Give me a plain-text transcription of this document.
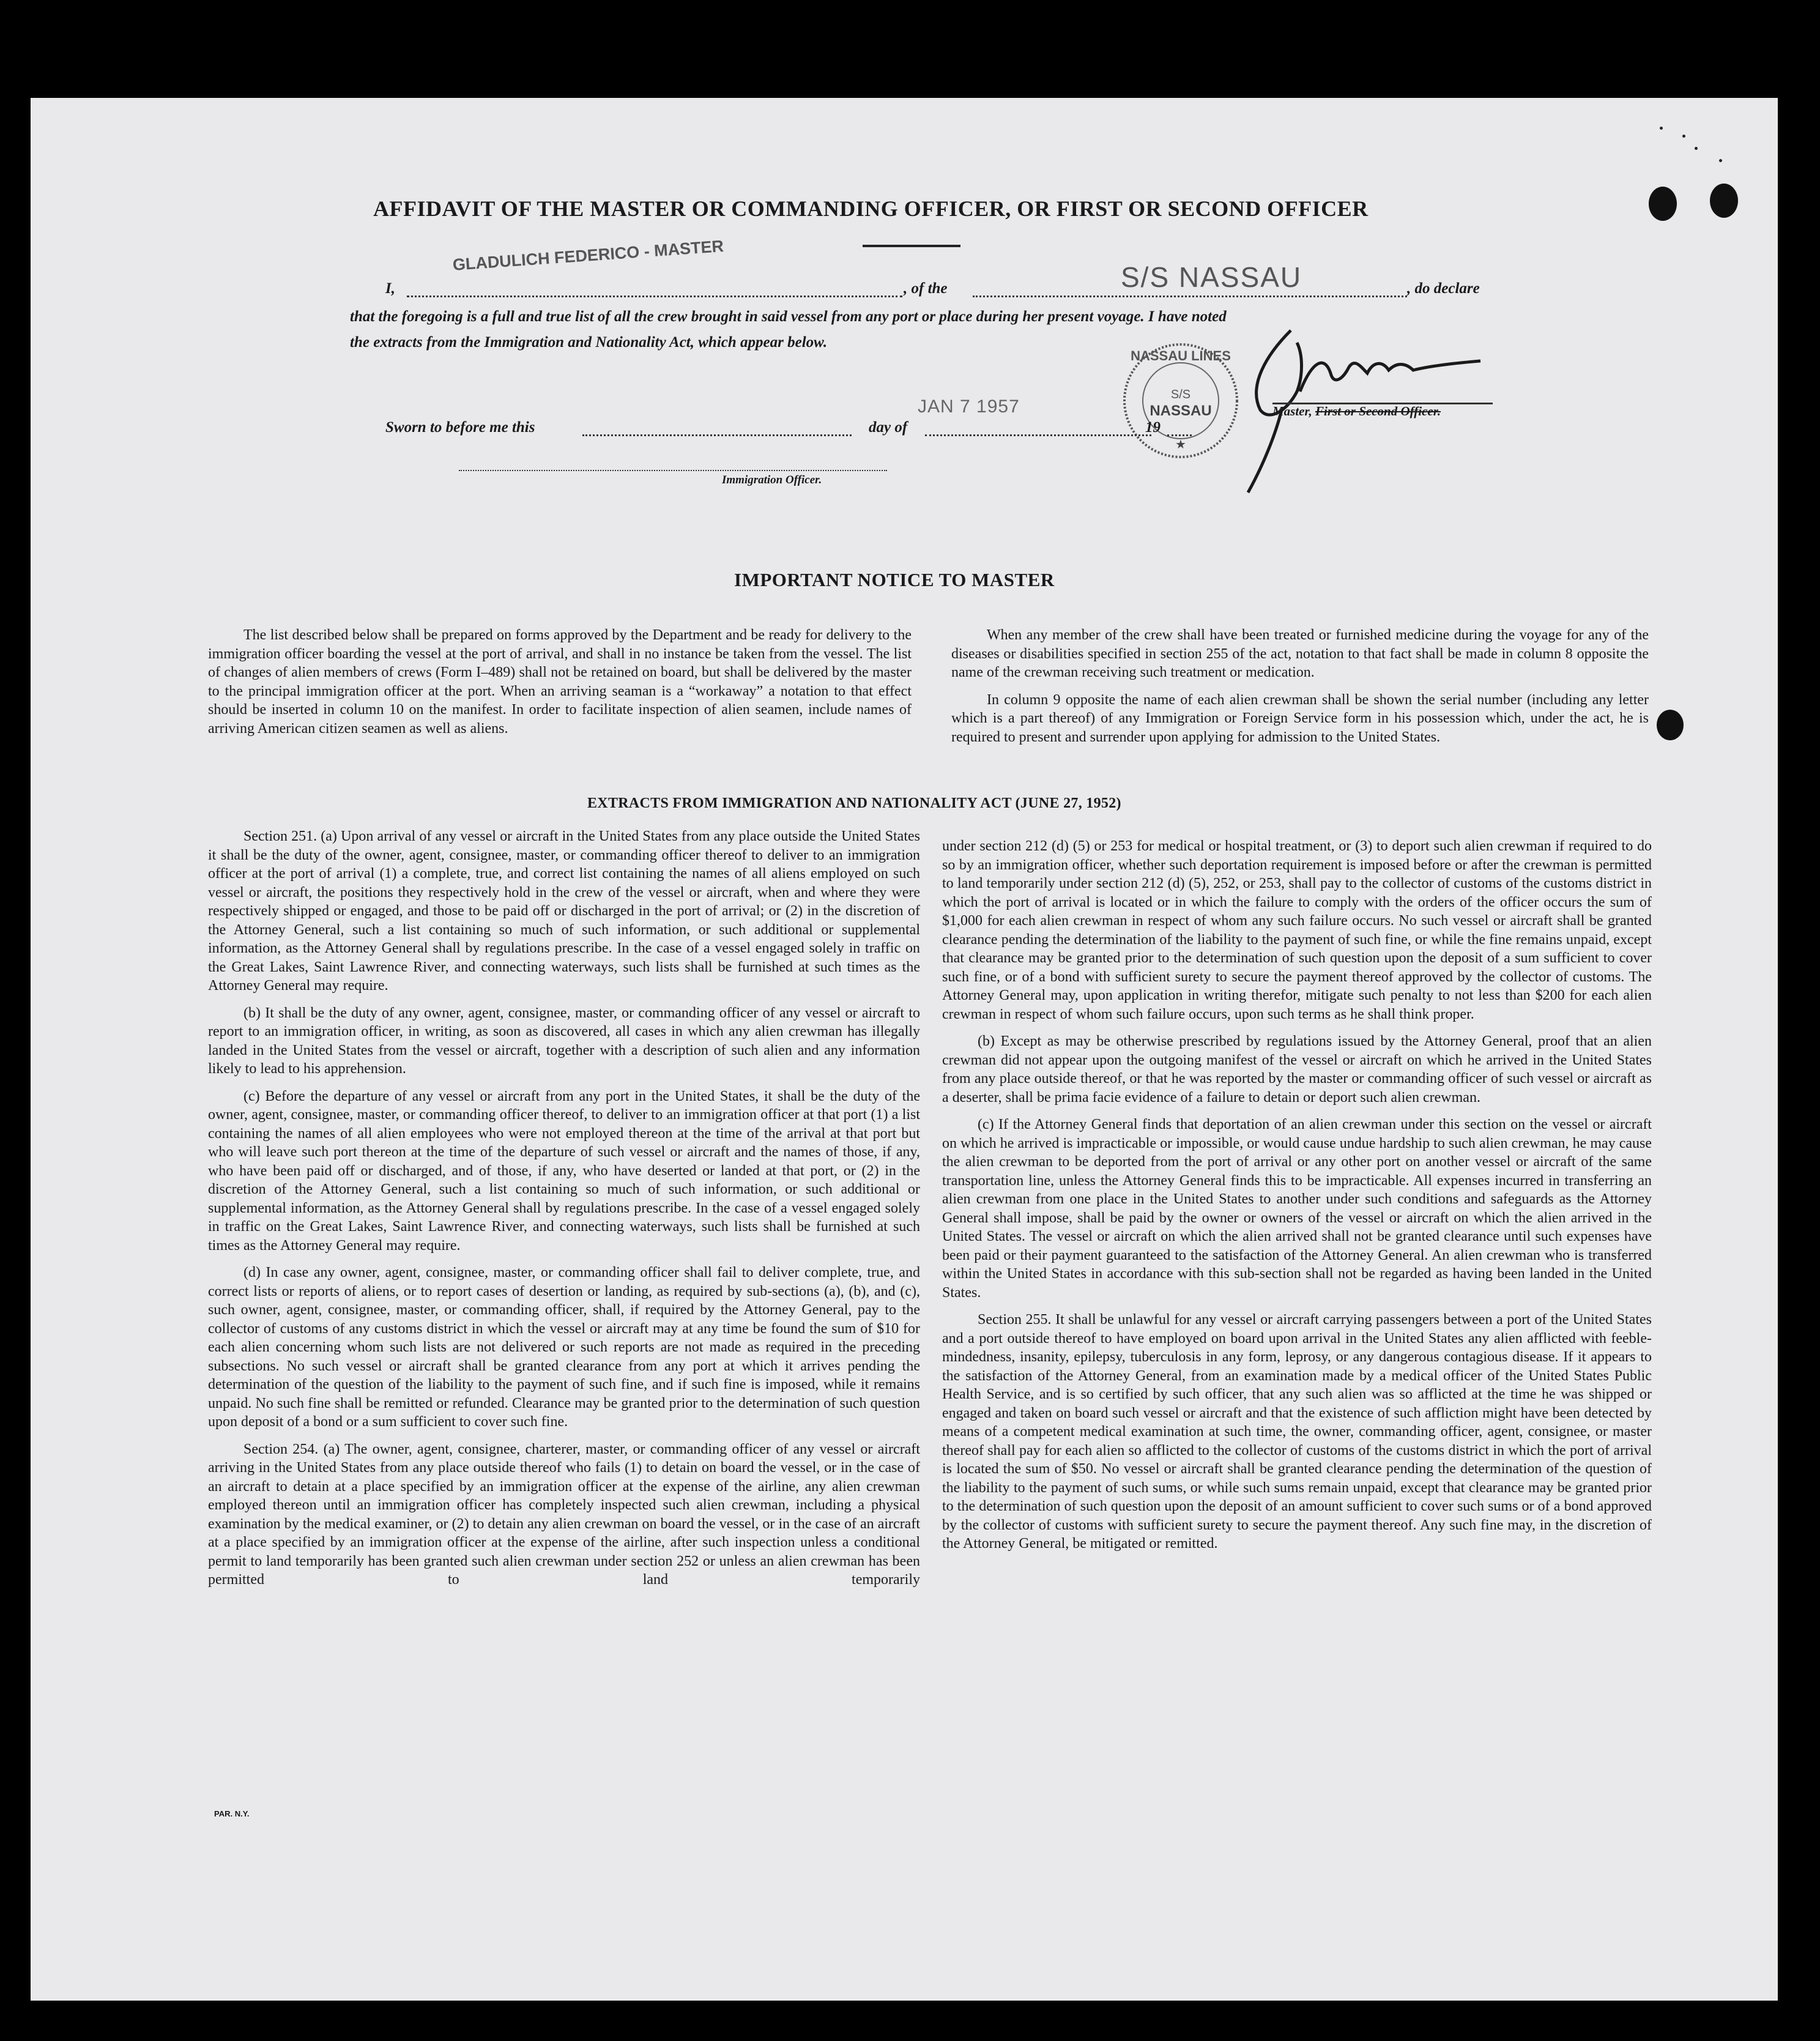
AFFIDAVIT OF THE MASTER OR COMMANDING OFFICER, OR FIRST OR SECOND OFFICER
I,
GLADULICH FEDERICO - MASTER
, of the	S/S NASSAU	, do declare
that the foregoing is a full and true list of all the crew brought in said vessel from any port or place during her present voyage. I have noted
the extracts from the Immigration and Nationality Act, which appear below.
NASSAU LINES
S/S
NASSAU
★
Master, First or Second Officer.
Sworn to before me this	day of
JAN 7 1957
19
Immigration Officer.
IMPORTANT NOTICE TO MASTER

The list described below shall be prepared on forms approved by the Department and be ready for delivery to the immigration officer boarding the vessel at the port of arrival, and shall in no instance be taken from the vessel. The list of changes of alien members of crews (Form I–489) shall not be retained on board, but shall be delivered by the master to the principal immigration officer at the port. When an arriving seaman is a “workaway” a notation to that effect should be inserted in column 10 on the manifest. In order to facilitate inspection of alien seamen, include names of arriving American citizen seamen as well as aliens.

When any member of the crew shall have been treated or furnished medicine during the voyage for any of the diseases or disabilities specified in section 255 of the act, notation to that fact shall be made in column 8 opposite the name of the crewman receiving such treatment or medication.

In column 9 opposite the name of each alien crewman shall be shown the serial number (including any letter which is a part thereof) of any Immigration or Foreign Service form in his possession which, under the act, he is required to present and surrender upon applying for admission to the United States.

EXTRACTS FROM IMMIGRATION AND NATIONALITY ACT (JUNE 27, 1952)

Section 251. (a) Upon arrival of any vessel or aircraft in the United States from any place outside the United States it shall be the duty of the owner, agent, consignee, master, or commanding officer thereof to deliver to an immigration officer at the port of arrival (1) a complete, true, and correct list containing the names of all aliens employed on such vessel or aircraft, the positions they respectively hold in the crew of the vessel or aircraft, when and where they were respectively shipped or engaged, and those to be paid off or discharged in the port of arrival; or (2) in the discretion of the Attorney General, such a list containing so much of such information, or such additional or supplemental information, as the Attorney General shall by regulations prescribe. In the case of a vessel engaged solely in traffic on the Great Lakes, Saint Lawrence River, and connecting waterways, such lists shall be furnished at such times as the Attorney General may require.

(b) It shall be the duty of any owner, agent, consignee, master, or commanding officer of any vessel or aircraft to report to an immigration officer, in writing, as soon as discovered, all cases in which any alien crewman has illegally landed in the United States from the vessel or aircraft, together with a description of such alien and any information likely to lead to his apprehension.

(c) Before the departure of any vessel or aircraft from any port in the United States, it shall be the duty of the owner, agent, consignee, master, or commanding officer thereof, to deliver to an immigration officer at that port (1) a list containing the names of all alien employees who were not employed thereon at the time of the arrival at that port but who will leave such port thereon at the time of the departure of such vessel or aircraft and the names of those, if any, who have been paid off or discharged, and of those, if any, who have deserted or landed at that port, or (2) in the discretion of the Attorney General, such a list containing so much of such information, or such additional or supplemental information, as the Attorney General shall by regulations prescribe. In the case of a vessel engaged solely in traffic on the Great Lakes, Saint Lawrence River, and connecting waterways, such lists shall be furnished at such times as the Attorney General may require.

(d) In case any owner, agent, consignee, master, or commanding officer shall fail to deliver complete, true, and correct lists or reports of aliens, or to report cases of desertion or landing, as required by sub-sections (a), (b), and (c), such owner, agent, consignee, master, or commanding officer, shall, if required by the Attorney General, pay to the collector of customs of any customs district in which the vessel or aircraft may at any time be found the sum of $10 for each alien concerning whom such lists are not delivered or such reports are not made as required in the preceding subsections. No such vessel or aircraft shall be granted clearance from any port at which it arrives pending the determination of the question of the liability to the payment of such fine, and if such fine is imposed, while it remains unpaid. No such fine shall be remitted or refunded. Clearance may be granted prior to the determination of such question upon deposit of a bond or a sum sufficient to cover such fine.

Section 254. (a) The owner, agent, consignee, charterer, master, or commanding officer of any vessel or aircraft arriving in the United States from any place outside thereof who fails (1) to detain on board the vessel, or in the case of an aircraft to detain at a place specified by an immigration officer at the expense of the airline, any alien crewman employed thereon until an immigration officer has completely inspected such alien crewman, including a physical examination by the medical examiner, or (2) to detain any alien crewman on board the vessel, or in the case of an aircraft at a place specified by an immigration officer at the expense of the airline, after such inspection unless a conditional permit to land temporarily has been granted such alien crewman under section 252 or unless an alien crewman has been permitted to land temporarily

under section 212 (d) (5) or 253 for medical or hospital treatment, or (3) to deport such alien crewman if required to do so by an immigration officer, whether such deportation requirement is imposed before or after the crewman is permitted to land temporarily under section 212 (d) (5), 252, or 253, shall pay to the collector of customs of the customs district in which the port of arrival is located or in which the failure to comply with the orders of the officer occurs the sum of $1,000 for each alien crewman in respect of whom any such failure occurs. No such vessel or aircraft shall be granted clearance pending the determination of the liability to the payment of such fine, or while the fine remains unpaid, except that clearance may be granted prior to the determination of such question upon the deposit of a sum sufficient to cover such fine, or of a bond with sufficient surety to secure the payment thereof approved by the collector of customs. The Attorney General may, upon application in writing therefor, mitigate such penalty to not less than $200 for each alien crewman in respect of whom such failure occurs, upon such terms as he shall think proper.

(b) Except as may be otherwise prescribed by regulations issued by the Attorney General, proof that an alien crewman did not appear upon the outgoing manifest of the vessel or aircraft on which he arrived in the United States from any place outside thereof, or that he was reported by the master or commanding officer of such vessel or aircraft as a deserter, shall be prima facie evidence of a failure to detain or deport such alien crewman.

(c) If the Attorney General finds that deportation of an alien crewman under this section on the vessel or aircraft on which he arrived is impracticable or impossible, or would cause undue hardship to such alien crewman, he may cause the alien crewman to be deported from the port of arrival or any other port on another vessel or aircraft of the same transportation line, unless the Attorney General finds this to be impracticable. All expenses incurred in transferring an alien crewman from one place in the United States to another under such conditions and safeguards as the Attorney General shall impose, shall be paid by the owner or owners of the vessel or aircraft on which the alien arrived in the United States. The vessel or aircraft on which the alien arrived shall not be granted clearance until such expenses have been paid or their payment guaranteed to the satisfaction of the Attorney General. An alien crewman who is transferred within the United States in accordance with this sub-section shall not be regarded as having been landed in the United States.

Section 255. It shall be unlawful for any vessel or aircraft carrying passengers between a port of the United States and a port outside thereof to have employed on board upon arrival in the United States any alien afflicted with feeble-mindedness, insanity, epilepsy, tuberculosis in any form, leprosy, or any dangerous contagious disease. If it appears to the satisfaction of the Attorney General, from an examination made by a medical officer of the United States Public Health Service, and is so certified by such officer, that any such alien was so afflicted at the time he was shipped or engaged and taken on board such vessel or aircraft and that the existence of such affliction might have been detected by means of a competent medical examination at such time, the owner, commanding officer, agent, consignee, or master thereof shall pay for each alien so afflicted to the collector of customs of the customs district in which the port of arrival is located the sum of $50. No vessel or aircraft shall be granted clearance pending the determination of the question of the liability to the payment of such sums, or while such sums remain unpaid, except that clearance may be granted prior to the determination of such question upon the deposit of an amount sufficient to cover such sums or of a bond approved by the collector of customs with sufficient surety to secure the payment thereof. Any such fine may, in the discretion of the Attorney General, be mitigated or remitted.

PAR. N.Y.
